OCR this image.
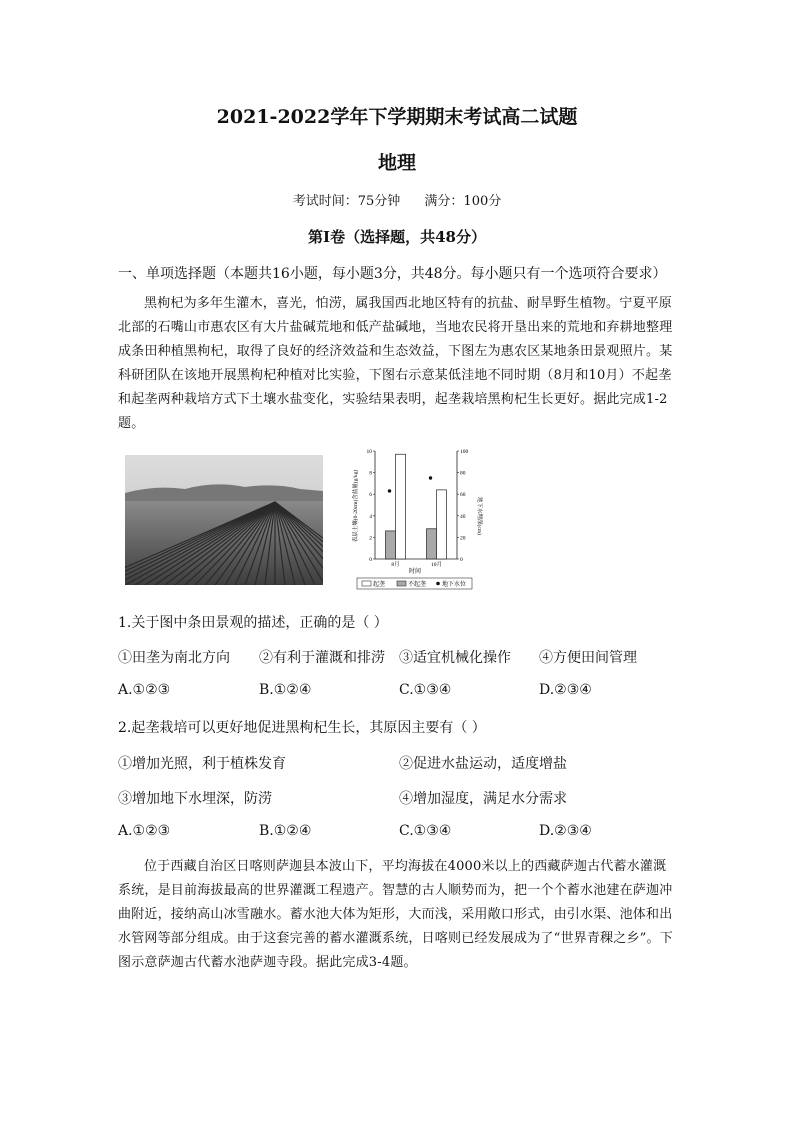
2021-2022学年下学期期末考试高二试题
地理
考试时间：75分钟 满分：100分
第Ⅰ卷（选择题，共48分）
一、单项选择题（本题共16小题，每小题3分，共48分。每小题只有一个选项符合要求）
黑枸杞为多年生灌木，喜光，怕涝，属我国西北地区特有的抗盐、耐旱野生植物。宁夏平原北部的石嘴山市惠农区有大片盐碱荒地和低产盐碱地，当地农民将开垦出来的荒地和弃耕地整理成条田种植黑枸杞，取得了良好的经济效益和生态效益，下图左为惠农区某地条田景观照片。某科研团队在该地开展黑枸杞种植对比实验，下图右示意某低洼地不同时期（8月和10月）不起垄和起垄两种栽培方式下土壤水盐变化，实验结果表明，起垄栽培黑枸杞生长更好。据此完成1-2题。
0
2
4
6
8
10
0
20
40
60
80
100
8月	10月
表层土壤(0-20cm)含盐量(g/kg)	地下水埋深(cm)
时间
起垄	不起垄	地下水位
1.关于图中条田景观的描述，正确的是（ ）
①田垄为南北方向 ②有利于灌溉和排涝 ③适宜机械化操作 ④方便田间管理
A.①②③	B.①②④	C.①③④	D.②③④
2.起垄栽培可以更好地促进黑枸杞生长，其原因主要有（ ）
①增加光照，利于植株发育	②促进水盐运动，适度增盐
③增加地下水埋深，防涝	④增加湿度，满足水分需求
A.①②③	B.①②④	C.①③④	D.②③④
位于西藏自治区日喀则萨迦县本波山下，平均海拔在4000米以上的西藏萨迦古代蓄水灌溉系统，是目前海拔最高的世界灌溉工程遗产。智慧的古人顺势而为，把一个个蓄水池建在萨迦冲曲附近，接纳高山冰雪融水。蓄水池大体为矩形，大而浅，采用敞口形式，由引水渠、池体和出水管网等部分组成。由于这套完善的蓄水灌溉系统，日喀则已经发展成为了“世界青稞之乡”。下图示意萨迦古代蓄水池萨迦寺段。据此完成3-4题。
